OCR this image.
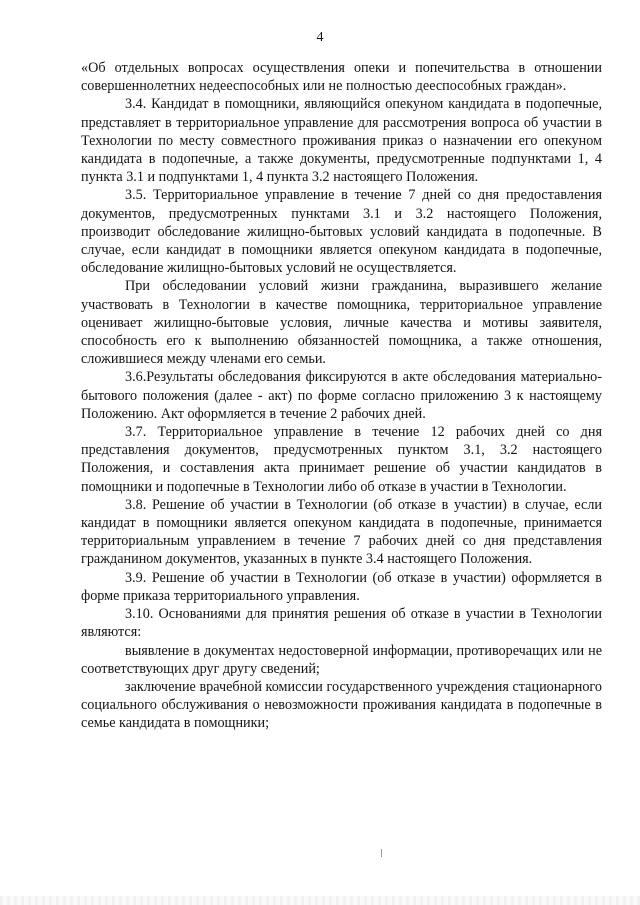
4

«Об отдельных вопросах осуществления опеки и попечительства в отношении совершеннолетних недееспособных или не полностью дееспособных граждан».

3.4. Кандидат в помощники, являющийся опекуном кандидата в подопечные, представляет в территориальное управление для рассмотрения вопроса об участии в Технологии по месту совместного проживания приказ о назначении его опекуном кандидата в подопечные, а также документы, предусмотренные подпунктами 1, 4 пункта 3.1 и подпунктами 1, 4 пункта 3.2 настоящего Положения.

3.5. Территориальное управление в течение 7 дней со дня предоставления документов, предусмотренных пунктами 3.1 и 3.2 настоящего Положения, производит обследование жилищно-бытовых условий кандидата в подопечные. В случае, если кандидат в помощники является опекуном кандидата в подопечные, обследование жилищно-бытовых условий не осуществляется.

При обследовании условий жизни гражданина, выразившего желание участвовать в Технологии в качестве помощника, территориальное управление оценивает жилищно-бытовые условия, личные качества и мотивы заявителя, способность его к выполнению обязанностей помощника, а также отношения, сложившиеся между членами его семьи.

3.6.Результаты обследования фиксируются в акте обследования материально-бытового положения (далее - акт) по форме согласно приложению 3 к настоящему Положению. Акт оформляется в течение 2 рабочих дней.

3.7. Территориальное управление в течение 12 рабочих дней со дня представления документов, предусмотренных пунктом 3.1, 3.2 настоящего Положения, и составления акта принимает решение об участии кандидатов в помощники и подопечные в Технологии либо об отказе в участии в Технологии.

3.8. Решение об участии в Технологии (об отказе в участии) в случае, если кандидат в помощники является опекуном кандидата в подопечные, принимается территориальным управлением в течение 7 рабочих дней со дня представления гражданином документов, указанных в пункте 3.4 настоящего Положения.

3.9. Решение об участии в Технологии (об отказе в участии) оформляется в форме приказа территориального управления.

3.10. Основаниями для принятия решения об отказе в участии в Технологии являются:

выявление в документах недостоверной информации, противоречащих или не соответствующих друг другу сведений;

заключение врачебной комиссии государственного учреждения стационарного социального обслуживания о невозможности проживания кандидата в подопечные в семье кандидата в помощники;
